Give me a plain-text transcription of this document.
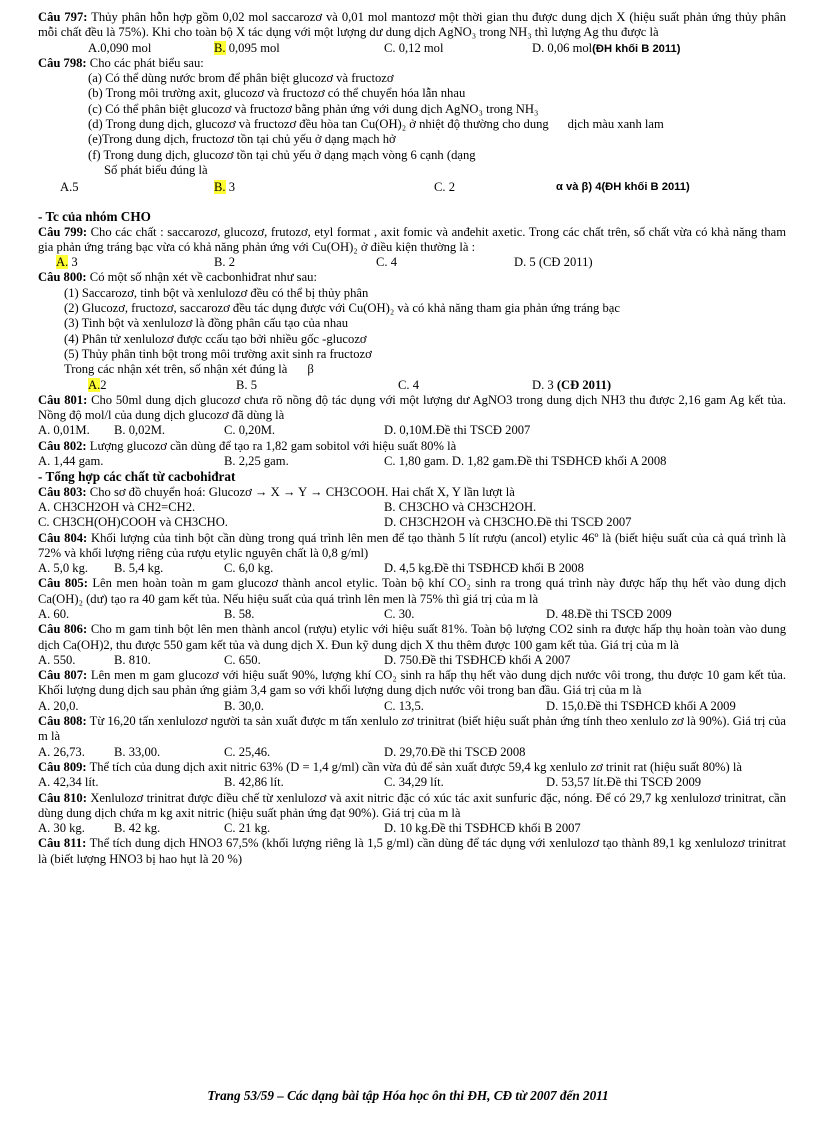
Câu 797: Thủy phân hỗn hợp gồm 0,02 mol saccarozơ và 0,01 mol mantozơ một thời gian thu được dung dịch X (hiệu suất phản ứng thủy phân mỗi chất đều là 75%). Khi cho toàn bộ X tác dụng với một lượng dư dung dịch AgNO₃ trong NH₃ thì lượng Ag thu được là

A.0,090 mol	B. 0,095 mol	C. 0,12 mol	D. 0,06 mol(ĐH khối B 2011)

Câu 798: Cho các phát biểu sau:

(a) Có thể dùng nước brom để phân biệt glucozơ và fructozơ

(b) Trong môi trường axit, glucozơ và fructozơ có thể chuyển hóa lẫn nhau

(c) Có thể phân biệt glucozơ và fructozơ bằng phản ứng với dung dịch AgNO₃ trong NH₃

(d) Trong dung dịch, glucozơ và fructozơ đều hòa tan Cu(OH)₂ ở nhiệt độ thường cho dung      dịch màu xanh lam

(e)Trong dung dịch, fructozơ tồn tại chủ yếu ở dạng mạch hở

(f) Trong dung dịch, glucozơ tồn tại chủ yếu ở dạng mạch vòng 6 cạnh (dạng

Số phát biểu đúng là

A.5	B. 3	C. 2	α và β) 4(ĐH khối B 2011)

- Tc của nhóm CHO

Câu 799: Cho các chất : saccarozơ, glucozơ, frutozơ, etyl format , axit fomic và anđehit axetic. Trong các chất trên, số chất vừa có khả năng tham gia phản ứng tráng bạc vừa có khả năng phản ứng với Cu(OH)₂ ở điều kiện thường là :

A. 3	B. 2	C. 4	D. 5 (CĐ 2011)

Câu 800: Có một số nhận xét về cacbonhiđrat như sau:

(1) Saccarozơ, tinh bột và xenlulozơ đều có thể bị thủy phân

(2) Glucozơ, fructozơ, saccarozơ đều tác dụng được với Cu(OH)₂ và có khả năng tham gia phản ứng tráng bạc

(3) Tinh bột và xenlulozơ là đồng phân cấu tạo của nhau

(4) Phân tử xenlulozơ được ccấu tạo bởi nhiều gốc -glucozơ

(5) Thủy phân tinh bột trong môi trường axit sinh ra fructozơ

Trong các nhận xét trên, số nhận xét đúng là β

A.2	B. 5	C. 4	D. 3 (CĐ 2011)

Câu 801: Cho 50ml dung dịch glucozơ chưa rõ nồng độ tác dụng với một lượng dư AgNO3 trong dung dịch NH3 thu được 2,16 gam Ag kết tủa. Nồng độ mol/l của dung dịch glucozơ đã dùng là

A. 0,01M. B. 0,02M.	C. 0,20M.	D. 0,10M.Đề thi TSCĐ 2007

Câu 802: Lượng glucozơ cần dùng để tạo ra 1,82 gam sobitol với hiệu suất 80% là

A. 1,44 gam.	B. 2,25 gam.	C. 1,80 gam. D. 1,82 gam.Đề thi TSĐHCĐ khối A 2008

- Tổng hợp các chất từ cacbohiđrat

Câu 803: Cho sơ đồ chuyển hoá: Glucozơ → X → Y → CH3COOH. Hai chất X, Y lần lượt là

A. CH3CH2OH và CH2=CH2.	B. CH3CHO và CH3CH2OH.
C. CH3CH(OH)COOH và CH3CHO.	D. CH3CH2OH và CH3CHO.Đề thi TSCĐ 2007

Câu 804: Khối lượng của tinh bột cần dùng trong quá trình lên men để tạo thành 5 lít rượu (ancol) etylic 46º là (biết hiệu suất của cả quá trình là 72% và khối lượng riêng của rượu etylic nguyên chất là 0,8 g/ml)

A. 5,0 kg. B. 5,4 kg.	C. 6,0 kg.	D. 4,5 kg.Đề thi TSĐHCĐ khối B 2008

Câu 805: Lên men hoàn toàn m gam glucozơ thành ancol etylic. Toàn bộ khí CO₂ sinh ra trong quá trình này được hấp thụ hết vào dung dịch Ca(OH)₂ (dư) tạo ra 40 gam kết tủa. Nếu hiệu suất của quá trình lên men là 75% thì giá trị của m là

A. 60.	B. 58.	C. 30.	D. 48.Đề thi TSCĐ 2009

Câu 806: Cho m gam tinh bột lên men thành ancol (rượu) etylic với hiệu suất 81%. Toàn bộ lượng CO2 sinh ra được hấp thụ hoàn toàn vào dung dịch Ca(OH)2, thu được 550 gam kết tủa và dung dịch X. Đun kỹ dung dịch X thu thêm được 100 gam kết tủa. Giá trị của m là

A. 550.	B. 810.	C. 650.	D. 750.Đề thi TSĐHCĐ khối A 2007

Câu 807: Lên men m gam glucozơ với hiệu suất 90%, lượng khí CO₂ sinh ra hấp thụ hết vào dung dịch nước vôi trong, thu được 10 gam kết tủa. Khối lượng dung dịch sau phản ứng giảm 3,4 gam so với khối lượng dung dịch nước vôi trong ban đầu. Giá trị của m là

A. 20,0.	B. 30,0.	C. 13,5.	D. 15,0.Đề thi TSĐHCĐ khối A 2009

Câu 808: Từ 16,20 tấn xenlulozơ người ta sản xuất được m tấn xenlulo zơ trinitrat (biết hiệu suất phản ứng tính theo xenlulo zơ là 90%). Giá trị của m là

A. 26,73. B. 33,00.	C. 25,46.	D. 29,70.Đề thi TSCĐ 2008

Câu 809: Thể tích của dung dịch axit nitric 63% (D = 1,4 g/ml) cần vừa đủ để sản xuất được 59,4 kg xenlulo zơ trinit rat (hiệu suất 80%) là

A. 42,34 lít.	B. 42,86 lít.	C. 34,29 lít.	D. 53,57 lít.Đề thi TSCĐ 2009

Câu 810: Xenlulozơ trinitrat được điều chế từ xenlulozơ và axit nitric đặc có xúc tác axit sunfuric đặc, nóng. Để có 29,7 kg xenlulozơ trinitrat, cần dùng dung dịch chứa m kg axit nitric (hiệu suất phản ứng đạt 90%). Giá trị của m là

A. 30 kg. B. 42 kg.	C. 21 kg.	D. 10 kg.Đề thi TSĐHCĐ khối B 2007

Câu 811: Thể tích dung dịch HNO3 67,5% (khối lượng riêng là 1,5 g/ml) cần dùng để tác dụng với xenlulozơ tạo thành 89,1 kg xenlulozơ trinitrat là (biết lượng HNO3 bị hao hụt là 20 %)

Trang 53/59 – Các dạng bài tập Hóa học ôn thi ĐH, CĐ từ 2007 đến 2011
